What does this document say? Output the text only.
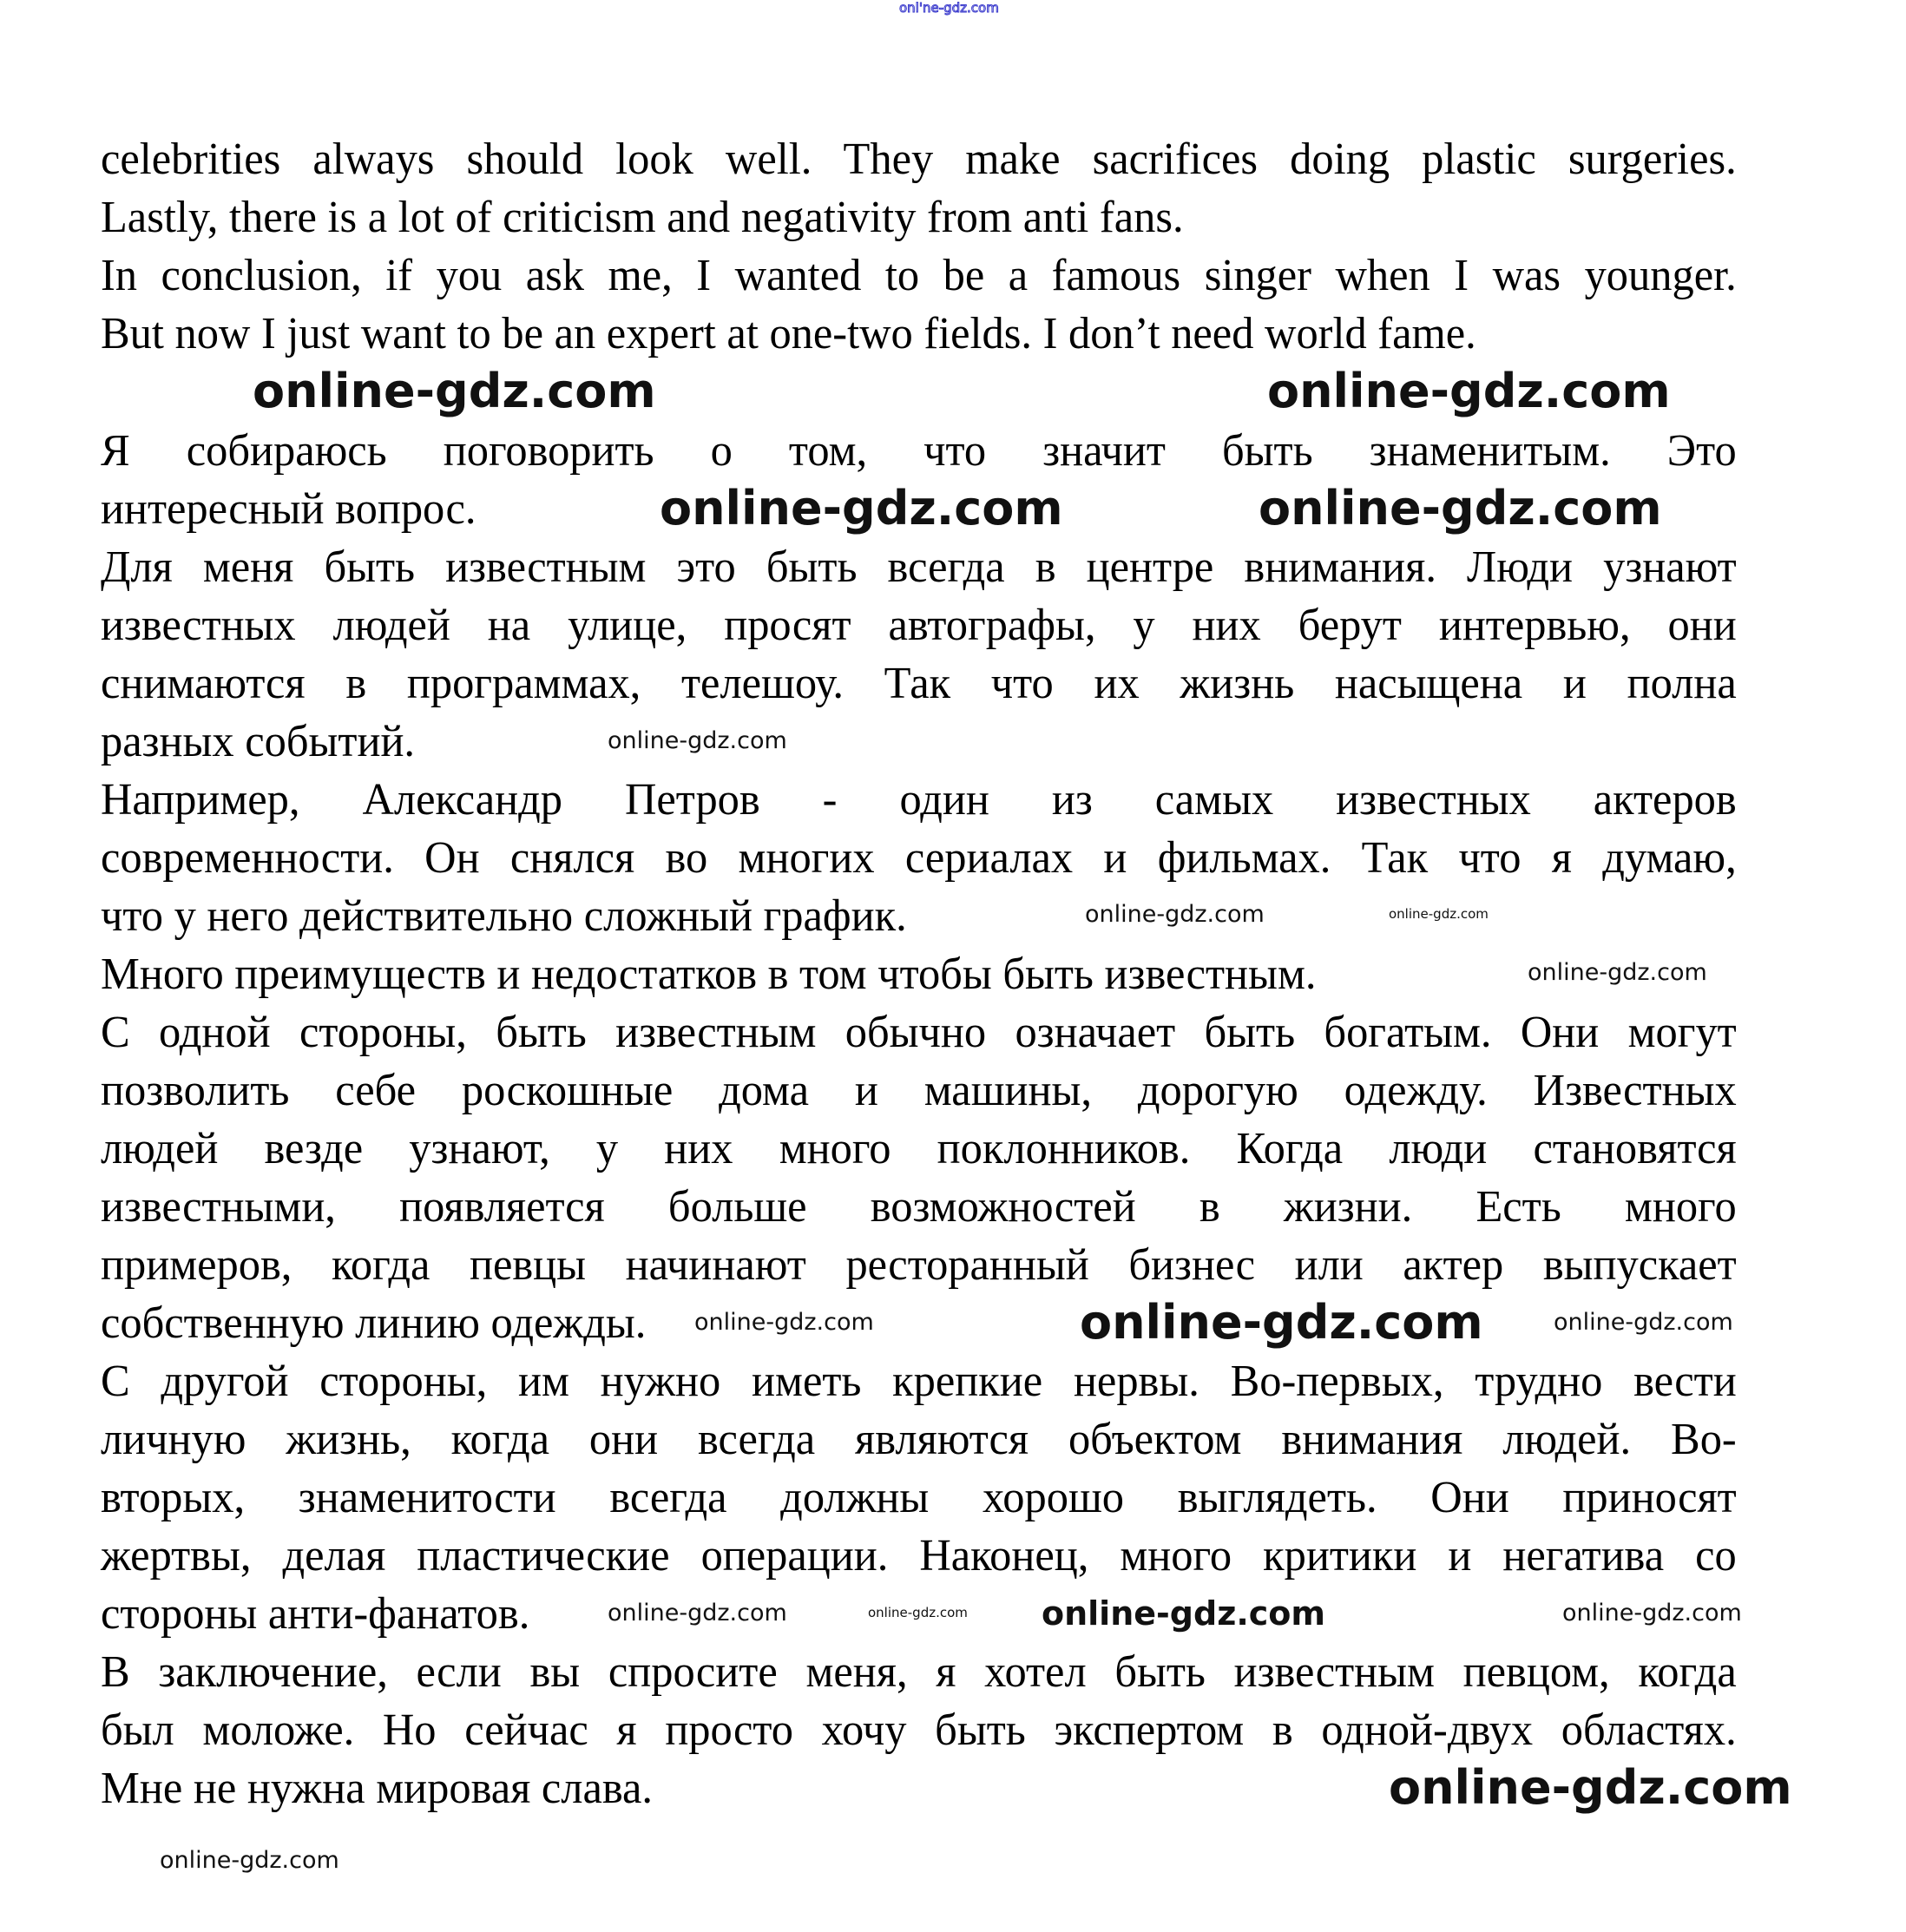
onl'ne-gdz.com
celebrities always should look well. They make sacrifices doing plastic surgeries.
Lastly, there is a lot of criticism and negativity from anti fans.
In conclusion, if you ask me, I wanted to be a famous singer when I was younger.
But now I just want to be an expert at one-two fields. I don’t need world fame.
Я собираюсь поговорить о том, что значит быть знаменитым. Это
интересный вопрос.
Для меня быть известным это быть всегда в центре внимания. Люди узнают
известных людей на улице, просят автографы, у них берут интервью, они
снимаются в программах, телешоу. Так что их жизнь насыщена и полна
разных событий.
Например, Александр Петров - один из самых известных актеров
современности. Он снялся во многих сериалах и фильмах. Так что я думаю,
что у него действительно сложный график.
Много преимуществ и недостатков в том чтобы быть известным.
С одной стороны, быть известным обычно означает быть богатым. Они могут
позволить себе роскошные дома и машины, дорогую одежду. Известных
людей везде узнают, у них много поклонников. Когда люди становятся
известными, появляется больше возможностей в жизни. Есть много
примеров, когда певцы начинают ресторанный бизнес или актер выпускает
собственную линию одежды.
С другой стороны, им нужно иметь крепкие нервы. Во-первых, трудно вести
личную жизнь, когда они всегда являются объектом внимания людей. Во-
вторых, знаменитости всегда должны хорошо выглядеть. Они приносят
жертвы, делая пластические операции. Наконец, много критики и негатива со
стороны анти-фанатов.
В заключение, если вы спросите меня, я хотел быть известным певцом, когда
был моложе. Но сейчас я просто хочу быть экспертом в одной-двух областях.
Мне не нужна мировая слава.
online-gdz.com	online-gdz.com
online-gdz.com	online-gdz.com
online-gdz.com
online-gdz.com	online-gdz.com
online-gdz.com
online-gdz.com	online-gdz.com	online-gdz.com
online-gdz.com	online-gdz.com	online-gdz.com
online-gdz.com
online-gdz.com
online-gdz.com
